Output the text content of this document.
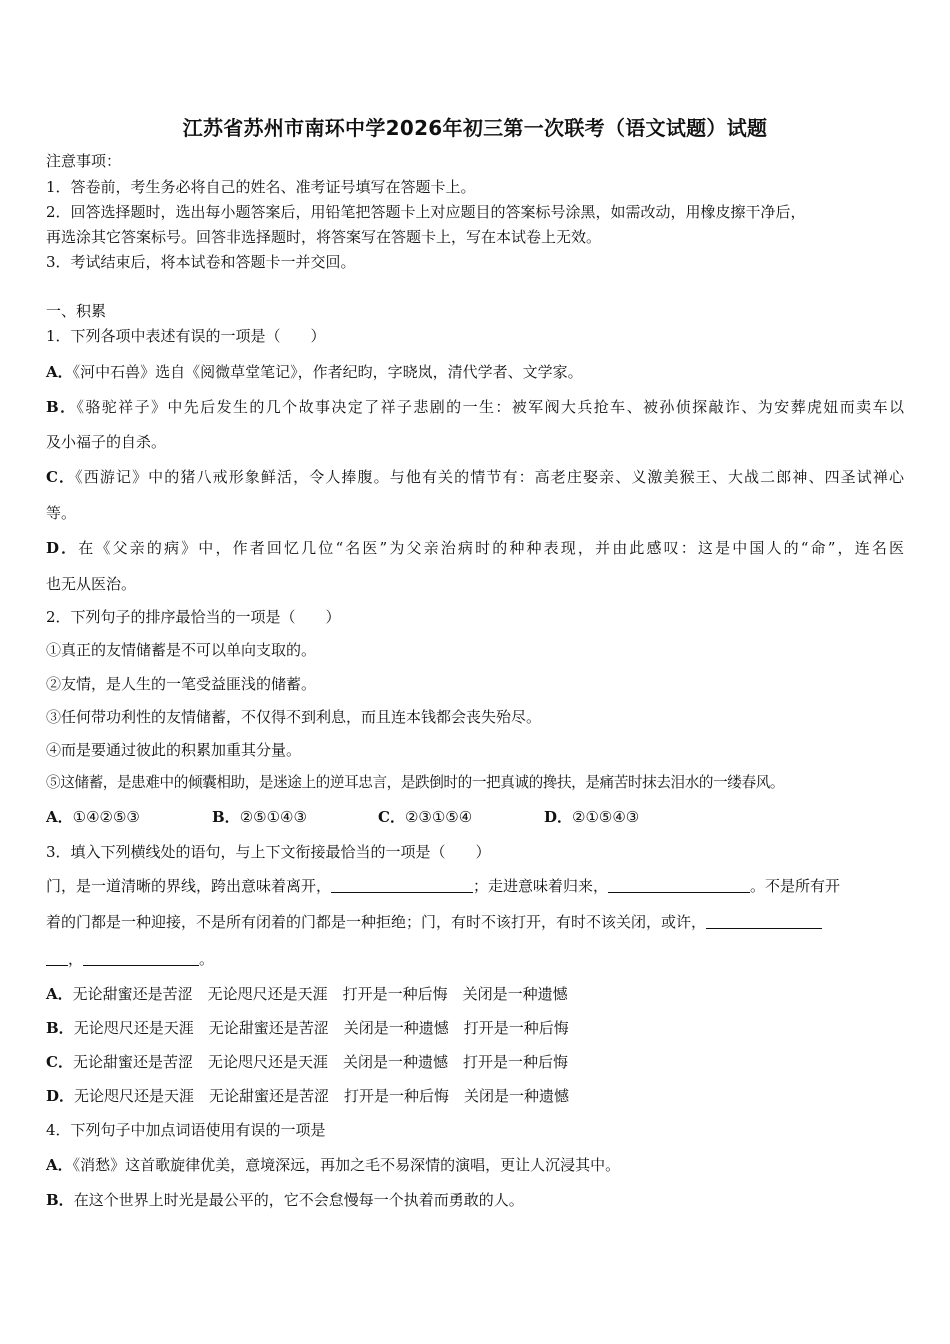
江苏省苏州市南环中学2026年初三第一次联考（语文试题）试题
注意事项：
1．答卷前，考生务必将自己的姓名、准考证号填写在答题卡上。
2．回答选择题时，选出每小题答案后，用铅笔把答题卡上对应题目的答案标号涂黑，如需改动，用橡皮擦干净后，
再选涂其它答案标号。回答非选择题时，将答案写在答题卡上，写在本试卷上无效。
3．考试结束后，将本试卷和答题卡一并交回。
一、积累
1．下列各项中表述有误的一项是（　　）
A．《河中石兽》选自《阅微草堂笔记》，作者纪昀，字晓岚，清代学者、文学家。
B．《骆驼祥子》中先后发生的几个故事决定了祥子悲剧的一生：被军阀大兵抢车、被孙侦探敲诈、为安葬虎妞而卖车以
及小福子的自杀。
C．《西游记》中的猪八戒形象鲜活，令人捧腹。与他有关的情节有：高老庄娶亲、义激美猴王、大战二郎神、四圣试禅心
等。
D．在《父亲的病》中，作者回忆几位“名医”为父亲治病时的种种表现，并由此感叹：这是中国人的“命”，连名医
也无从医治。
2．下列句子的排序最恰当的一项是（　　）
①真正的友情储蓄是不可以单向支取的。
②友情，是人生的一笔受益匪浅的储蓄。
③任何带功利性的友情储蓄，不仅得不到利息，而且连本钱都会丧失殆尽。
④而是要通过彼此的积累加重其分量。
⑤这储蓄，是患难中的倾囊相助，是迷途上的逆耳忠言，是跌倒时的一把真诚的搀扶，是痛苦时抹去泪水的一缕春风。
A．①④②⑤③	B．②⑤①④③	C．②③①⑤④	D．②①⑤④③
3．填入下列横线处的语句，与上下文衔接最恰当的一项是（　　）
门，是一道清晰的界线，跨出意味着离开，	；走进意味着归来，	。不是所有开
着的门都是一种迎接，不是所有闭着的门都是一种拒绝；门，有时不该打开，有时不该关闭，或许，
，	。
A．无论甜蜜还是苦涩　无论咫尺还是天涯　打开是一种后悔　关闭是一种遗憾
B．无论咫尺还是天涯　无论甜蜜还是苦涩　关闭是一种遗憾　打开是一种后悔
C．无论甜蜜还是苦涩　无论咫尺还是天涯　关闭是一种遗憾　打开是一种后悔
D．无论咫尺还是天涯　无论甜蜜还是苦涩　打开是一种后悔　关闭是一种遗憾
4．下列句子中加点词语使用有误的一项是
A．《消愁》这首歌旋律优美，意境深远，再加之毛不易深情的演唱，更让人沉浸其中。
B．在这个世界上时光是最公平的，它不会怠慢每一个执着而勇敢的人。
